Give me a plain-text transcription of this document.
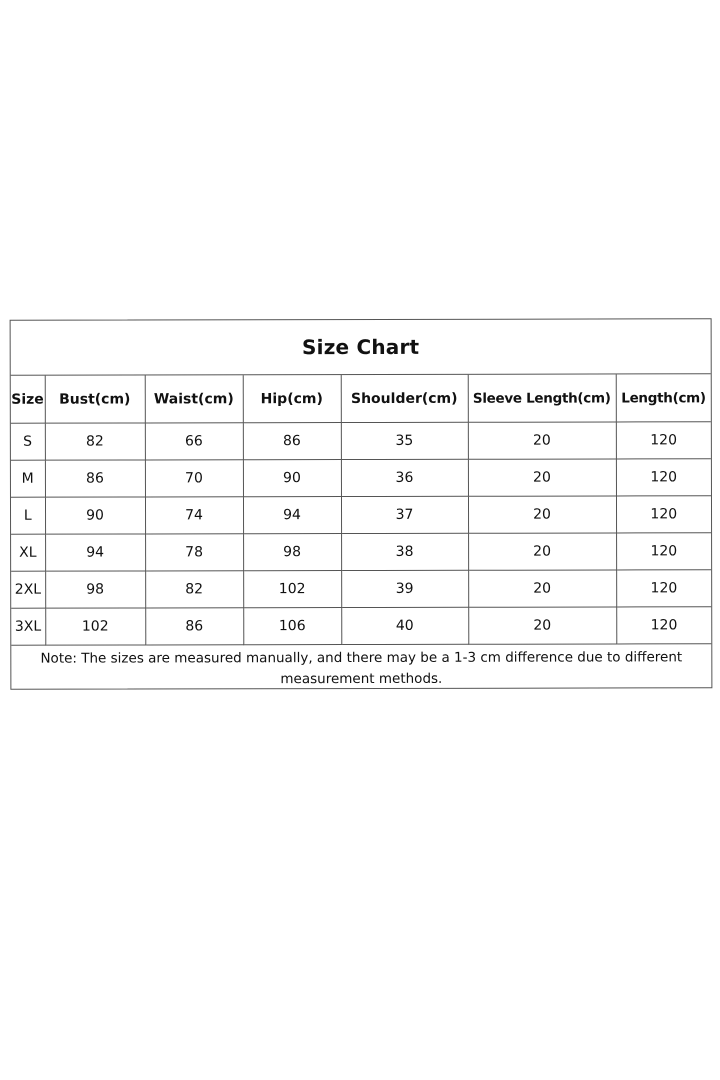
Size Chart
Size	Bust(cm)	Waist(cm)	Hip(cm)	Shoulder(cm)	Sleeve Length(cm)	Length(cm)
S	82	66	86	35	20	120
M	86	70	90	36	20	120
L	90	74	94	37	20	120
XL	94	78	98	38	20	120
2XL	98	82	102	39	20	120
3XL	102	86	106	40	20	120
Note: The sizes are measured manually, and there may be a 1-3 cm difference due to different measurement methods.
